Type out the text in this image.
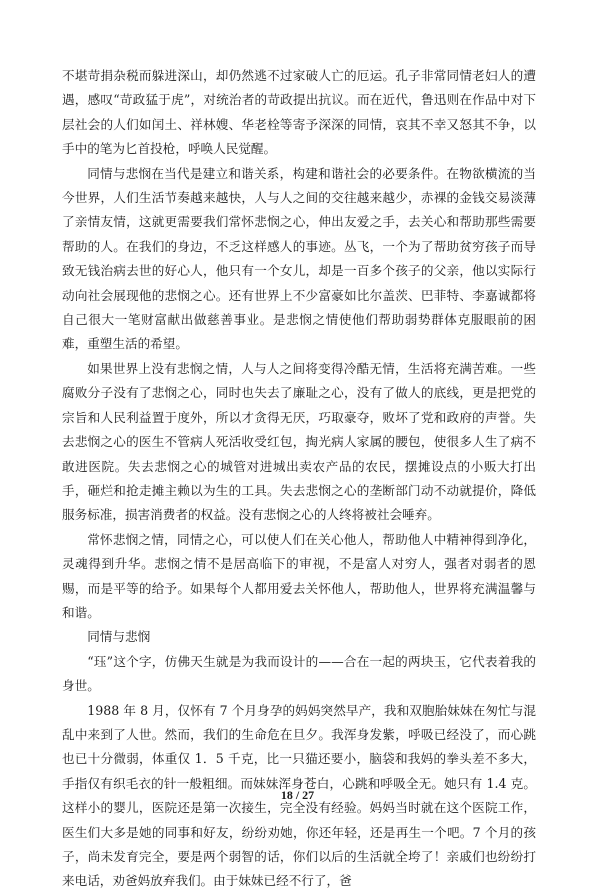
不堪苛捐杂税而躲进深山，却仍然逃不过家破人亡的厄运。孔子非常同情老妇人的遭遇，感叹“苛政猛于虎”，对统治者的苛政提出抗议。而在近代，鲁迅则在作品中对下层社会的人们如闰土、祥林嫂、华老栓等寄予深深的同情，哀其不幸又怒其不争，以手中的笔为匕首投枪，呼唤人民觉醒。

同情与悲悯在当代是建立和谐关系，构建和谐社会的必要条件。在物欲横流的当今世界，人们生活节奏越来越快，人与人之间的交往越来越少，赤裸的金钱交易淡薄了亲情友情，这就更需要我们常怀悲悯之心，伸出友爱之手，去关心和帮助那些需要帮助的人。在我们的身边，不乏这样感人的事迹。丛飞，一个为了帮助贫穷孩子而导致无钱治病去世的好心人，他只有一个女儿，却是一百多个孩子的父亲，他以实际行动向社会展现他的悲悯之心。还有世界上不少富豪如比尔盖茨、巴菲特、李嘉诚都将自己很大一笔财富献出做慈善事业。是悲悯之情使他们帮助弱势群体克服眼前的困难，重塑生活的希望。

如果世界上没有悲悯之情，人与人之间将变得冷酷无情，生活将充满苦难。一些腐败分子没有了悲悯之心，同时也失去了廉耻之心，没有了做人的底线，更是把党的宗旨和人民利益置于度外，所以才贪得无厌，巧取豪夺，败坏了党和政府的声誉。失去悲悯之心的医生不管病人死活收受红包，掏光病人家属的腰包，使很多人生了病不敢进医院。失去悲悯之心的城管对进城出卖农产品的农民，摆摊设点的小贩大打出手，砸烂和抢走摊主赖以为生的工具。失去悲悯之心的垄断部门动不动就提价，降低服务标准，损害消费者的权益。没有悲悯之心的人终将被社会唾弃。

常怀悲悯之情，同情之心，可以使人们在关心他人，帮助他人中精神得到净化，灵魂得到升华。悲悯之情不是居高临下的审视，不是富人对穷人，强者对弱者的恩赐，而是平等的给予。如果每个人都用爱去关怀他人，帮助他人，世界将充满温馨与和谐。

同情与悲悯

“珏”这个字，仿佛天生就是为我而设计的——合在一起的两块玉，它代表着我的身世。

1988 年 8 月，仅怀有 7 个月身孕的妈妈突然早产，我和双胞胎妹妹在匆忙与混乱中来到了人世。然而，我们的生命危在旦夕。我浑身发紫，呼吸已经没了，而心跳也已十分微弱，体重仅 1．5 千克，比一只猫还要小，脑袋和我妈的拳头差不多大，手指仅有织毛衣的针一般粗细。而妹妹浑身苍白，心跳和呼吸全无。她只有 1.4 克。这样小的婴儿，医院还是第一次接生，完全没有经验。妈妈当时就在这个医院工作，医生们大多是她的同事和好友，纷纷劝她，你还年轻，还是再生一个吧。7 个月的孩子，尚未发育完全，要是两个弱智的话，你们以后的生活就全垮了！亲戚们也纷纷打来电话，劝爸妈放弃我们。由于妹妹已经不行了，爸

18 / 27
